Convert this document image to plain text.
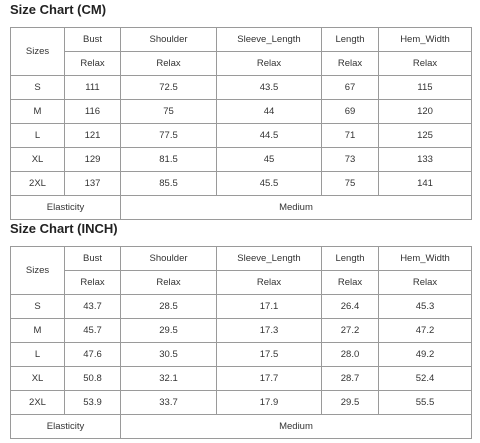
Size Chart (CM)
Sizes	Bust	Shoulder	Sleeve_Length	Length	Hem_Width
	Relax	Relax	Relax	Relax	Relax
S	111	72.5	43.5	67	115
M	116	75	44	69	120
L	121	77.5	44.5	71	125
XL	129	81.5	45	73	133
2XL	137	85.5	45.5	75	141
Elasticity		Medium			
Size Chart (INCH)
Sizes	Bust	Shoulder	Sleeve_Length	Length	Hem_Width
	Relax	Relax	Relax	Relax	Relax
S	43.7	28.5	17.1	26.4	45.3
M	45.7	29.5	17.3	27.2	47.2
L	47.6	30.5	17.5	28.0	49.2
XL	50.8	32.1	17.7	28.7	52.4
2XL	53.9	33.7	17.9	29.5	55.5
Elasticity		Medium			
